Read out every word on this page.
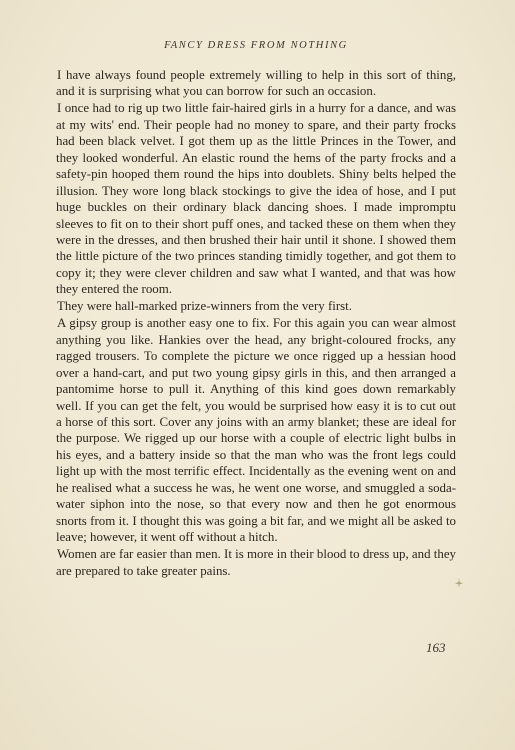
FANCY DRESS FROM NOTHING

I have always found people extremely willing to help in this sort of thing, and it is surprising what you can borrow for such an occasion.

I once had to rig up two little fair-haired girls in a hurry for a dance, and was at my wits' end. Their people had no money to spare, and their party frocks had been black velvet. I got them up as the little Princes in the Tower, and they looked wonderful. An elastic round the hems of the party frocks and a safety-pin hooped them round the hips into doublets. Shiny belts helped the illusion. They wore long black stockings to give the idea of hose, and I put huge buckles on their ordinary black dancing shoes. I made impromptu sleeves to fit on to their short puff ones, and tacked these on them when they were in the dresses, and then brushed their hair until it shone. I showed them the little picture of the two princes standing timidly together, and got them to copy it; they were clever children and saw what I wanted, and that was how they entered the room.

They were hall-marked prize-winners from the very first.

A gipsy group is another easy one to fix. For this again you can wear almost anything you like. Hankies over the head, any bright-coloured frocks, any ragged trousers. To complete the picture we once rigged up a hessian hood over a hand-cart, and put two young gipsy girls in this, and then arranged a pantomime horse to pull it. Anything of this kind goes down remarkably well. If you can get the felt, you would be surprised how easy it is to cut out a horse of this sort. Cover any joins with an army blanket; these are ideal for the purpose. We rigged up our horse with a couple of electric light bulbs in his eyes, and a battery inside so that the man who was the front legs could light up with the most terrific effect. Incidentally as the evening went on and he realised what a success he was, he went one worse, and smuggled a soda-water siphon into the nose, so that every now and then he got enormous snorts from it. I thought this was going a bit far, and we might all be asked to leave; however, it went off without a hitch.

Women are far easier than men. It is more in their blood to dress up, and they are prepared to take greater pains.

163
